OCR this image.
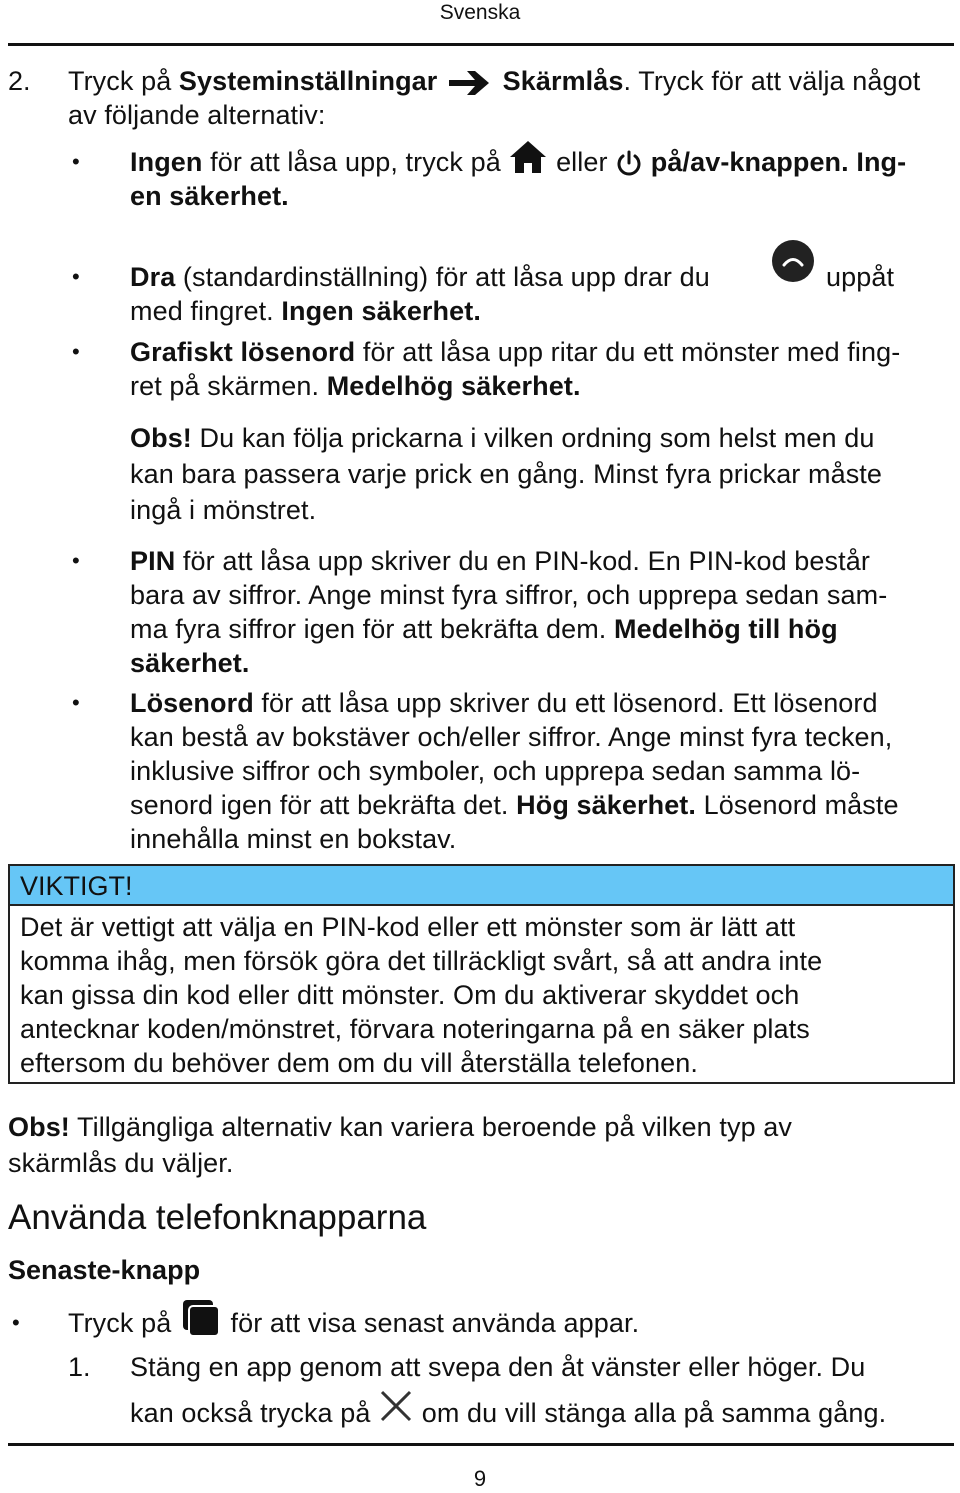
Svenska
2. Tryck på Systeminställningar Skärmlås. Tryck för att välja något
av följande alternativ:
• Ingen för att låsa upp, tryck på  eller  på/av-knappen. Ing-
en säkerhet.
• Dra (standardinställning) för att låsa upp drar du	uppåt
med fingret. Ingen säkerhet.
• Grafiskt lösenord för att låsa upp ritar du ett mönster med fing-
ret på skärmen. Medelhög säkerhet.
Obs! Du kan följa prickarna i vilken ordning som helst men du
kan bara passera varje prick en gång. Minst fyra prickar måste
ingå i mönstret.
• PIN för att låsa upp skriver du en PIN-kod. En PIN-kod består
bara av siffror. Ange minst fyra siffror, och upprepa sedan sam-
ma fyra siffror igen för att bekräfta dem. Medelhög till hög
säkerhet.
• Lösenord för att låsa upp skriver du ett lösenord. Ett lösenord
kan bestå av bokstäver och/eller siffror. Ange minst fyra tecken,
inklusive siffror och symboler, och upprepa sedan samma lö-
senord igen för att bekräfta det. Hög säkerhet. Lösenord måste
innehålla minst en bokstav.
VIKTIGT!
Det är vettigt att välja en PIN-kod eller ett mönster som är lätt att
komma ihåg, men försök göra det tillräckligt svårt, så att andra inte
kan gissa din kod eller ditt mönster. Om du aktiverar skyddet och
antecknar koden/mönstret, förvara noteringarna på en säker plats
eftersom du behöver dem om du vill återställa telefonen.
Obs! Tillgängliga alternativ kan variera beroende på vilken typ av
skärmlås du väljer.
Använda telefonknapparna
Senaste-knapp
• Tryck på  för att visa senast använda appar.
1. Stäng en app genom att svepa den åt vänster eller höger. Du
kan också trycka på  om du vill stänga alla på samma gång.
9
